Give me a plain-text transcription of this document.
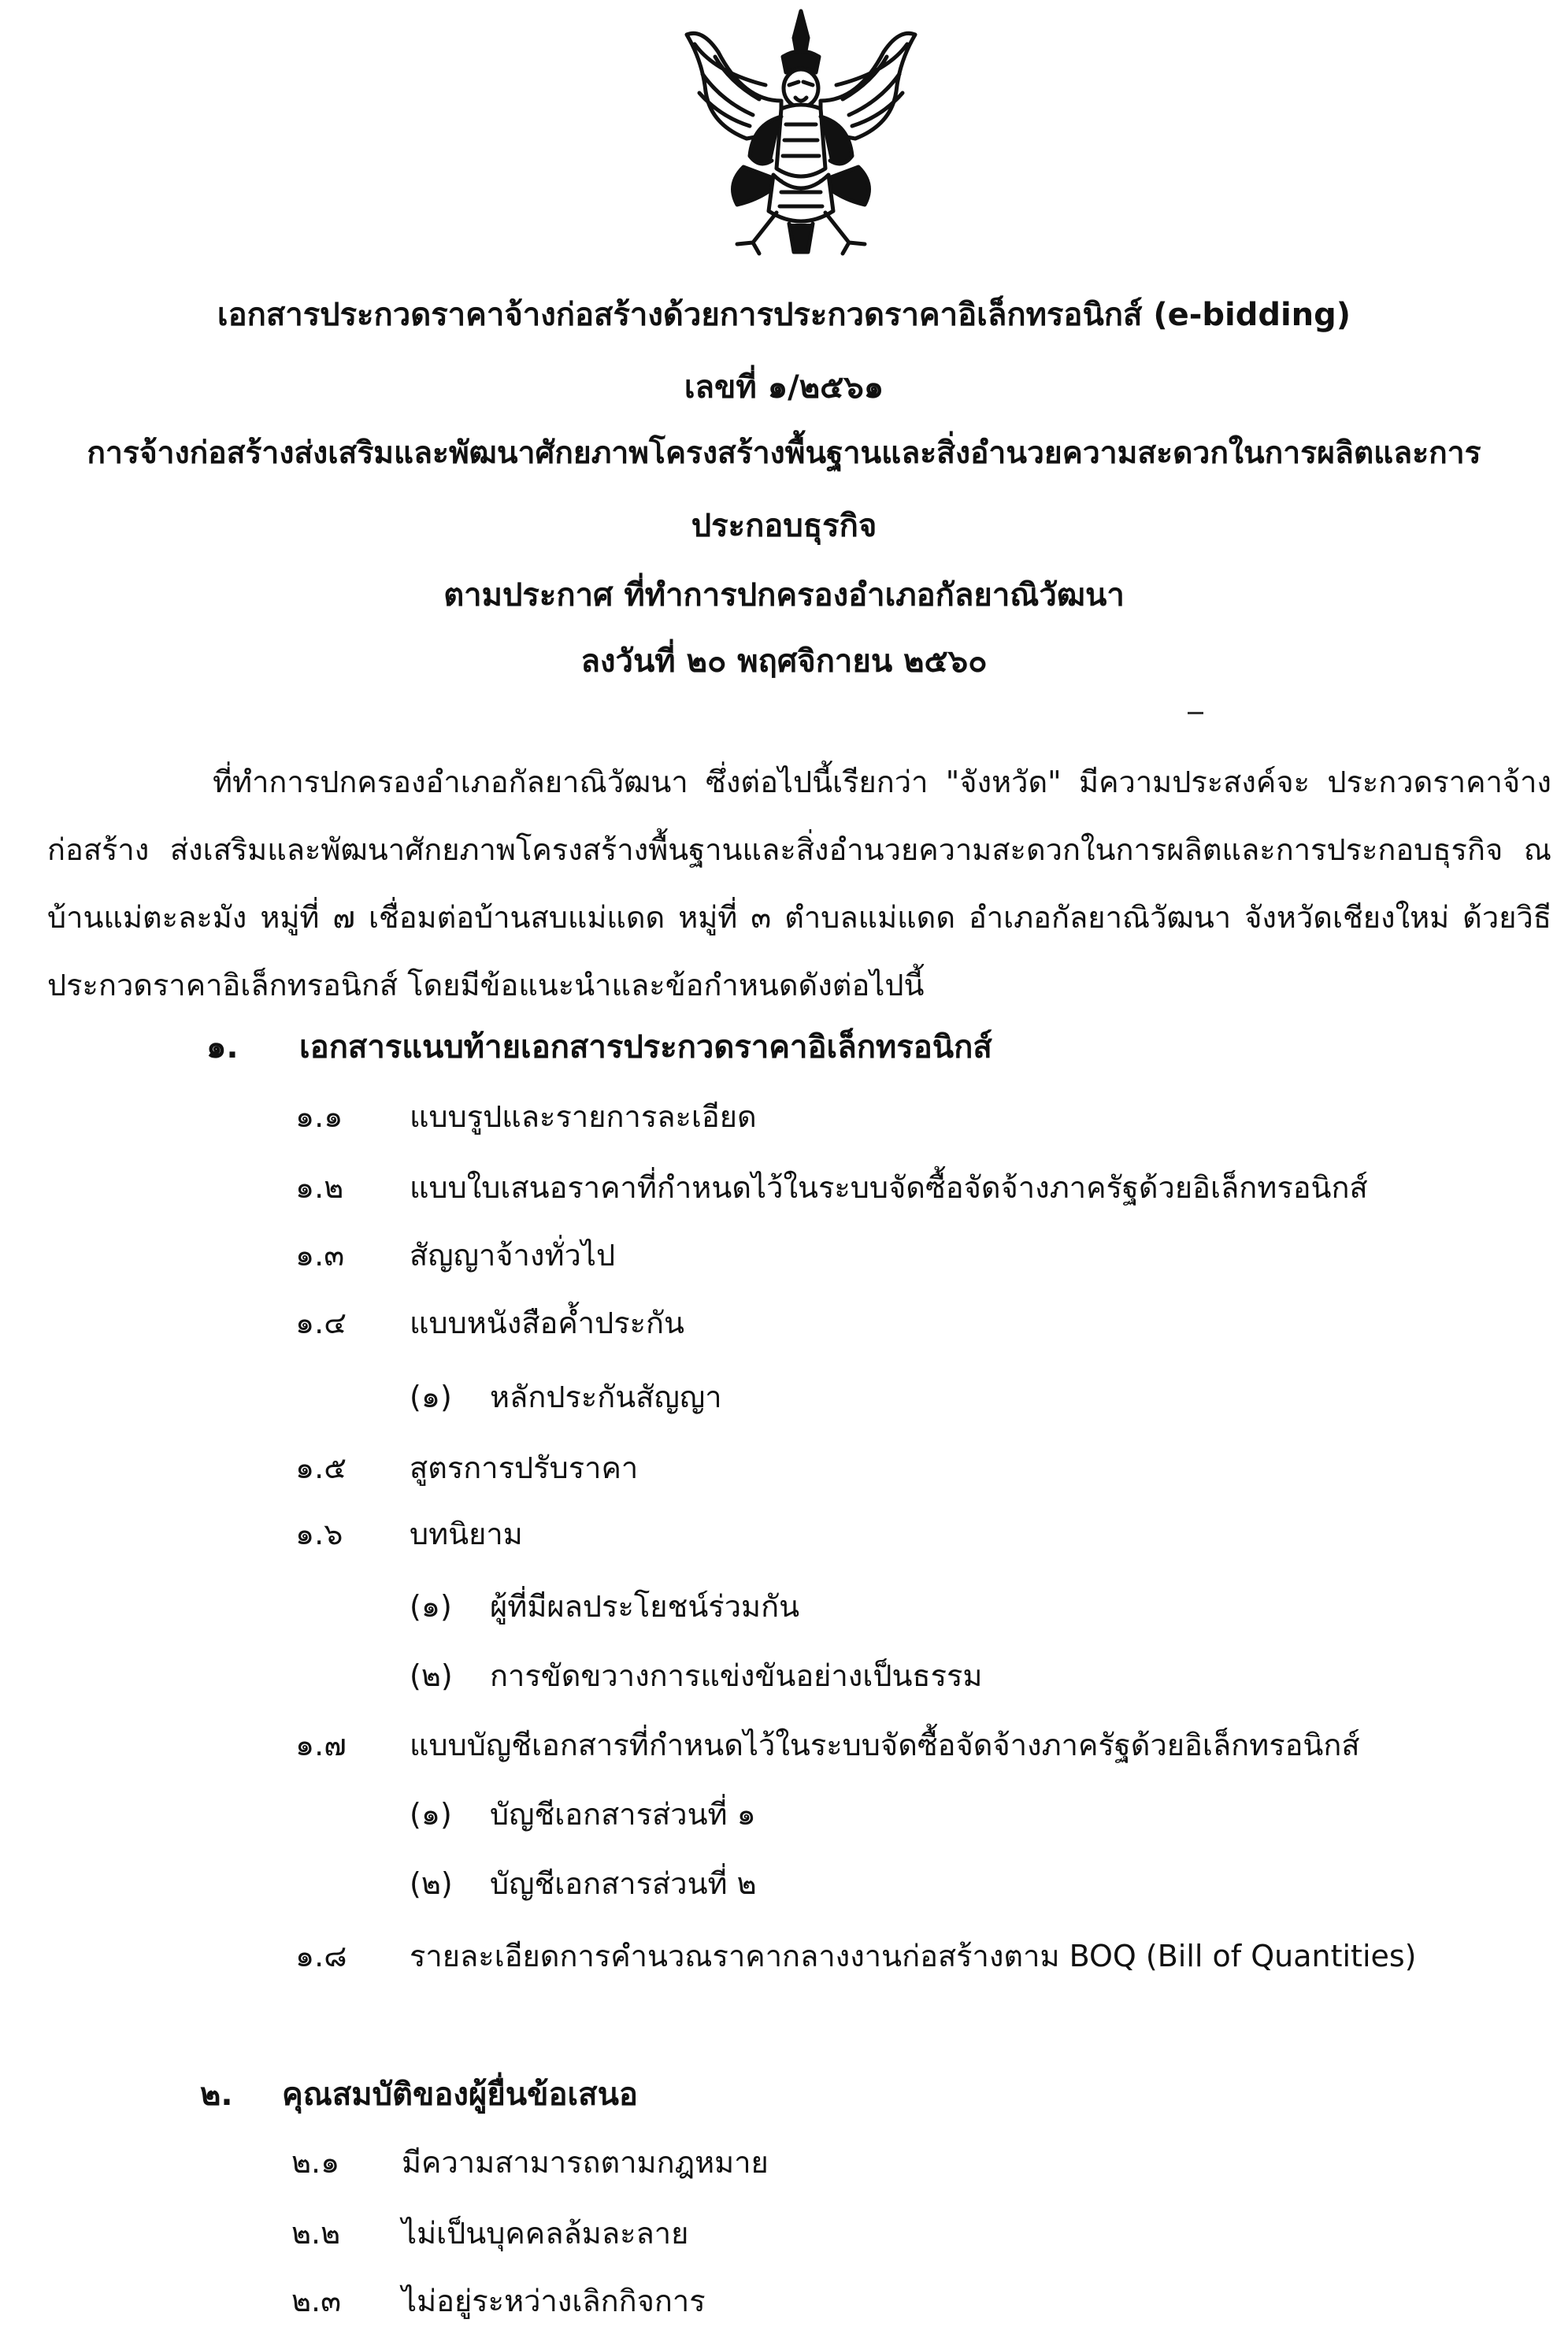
เอกสารประกวดราคาจ้างก่อสร้างด้วยการประกวดราคาอิเล็กทรอนิกส์ (e-bidding)
เลขที่ ๑/๒๕๖๑
การจ้างก่อสร้างส่งเสริมและพัฒนาศักยภาพโครงสร้างพื้นฐานและสิ่งอำนวยความสะดวกในการผลิตและการ
ประกอบธุรกิจ
ตามประกาศ ที่ทำการปกครองอำเภอกัลยาณิวัฒนา
ลงวันที่ ๒๐ พฤศจิกายน ๒๕๖๐
ที่ทำการปกครองอำเภอกัลยาณิวัฒนา ซึ่งต่อไปนี้เรียกว่า "จังหวัด" มีความประสงค์จะ ประกวดราคาจ้างก่อสร้าง ส่งเสริมและพัฒนาศักยภาพโครงสร้างพื้นฐานและสิ่งอำนวยความสะดวกในการผลิตและการประกอบธุรกิจ ณ บ้านแม่ตะละมัง หมู่ที่ ๗ เชื่อมต่อบ้านสบแม่แดด หมู่ที่ ๓ ตำบลแม่แดด อำเภอกัลยาณิวัฒนา จังหวัดเชียงใหม่ ด้วยวิธีประกวดราคาอิเล็กทรอนิกส์ โดยมีข้อแนะนำและข้อกำหนดดังต่อไปนี้
๑. เอกสารแนบท้ายเอกสารประกวดราคาอิเล็กทรอนิกส์
๑.๑ แบบรูปและรายการละเอียด
๑.๒ แบบใบเสนอราคาที่กำหนดไว้ในระบบจัดซื้อจัดจ้างภาครัฐด้วยอิเล็กทรอนิกส์
๑.๓ สัญญาจ้างทั่วไป
๑.๔ แบบหนังสือค้ำประกัน
(๑) หลักประกันสัญญา
๑.๕ สูตรการปรับราคา
๑.๖ บทนิยาม
(๑) ผู้ที่มีผลประโยชน์ร่วมกัน
(๒) การขัดขวางการแข่งขันอย่างเป็นธรรม
๑.๗ แบบบัญชีเอกสารที่กำหนดไว้ในระบบจัดซื้อจัดจ้างภาครัฐด้วยอิเล็กทรอนิกส์
(๑) บัญชีเอกสารส่วนที่ ๑
(๒) บัญชีเอกสารส่วนที่ ๒
๑.๘ รายละเอียดการคำนวณราคากลางงานก่อสร้างตาม BOQ (Bill of Quantities)
๒. คุณสมบัติของผู้ยื่นข้อเสนอ
๒.๑ มีความสามารถตามกฎหมาย
๒.๒ ไม่เป็นบุคคลล้มละลาย
๒.๓ ไม่อยู่ระหว่างเลิกกิจการ
